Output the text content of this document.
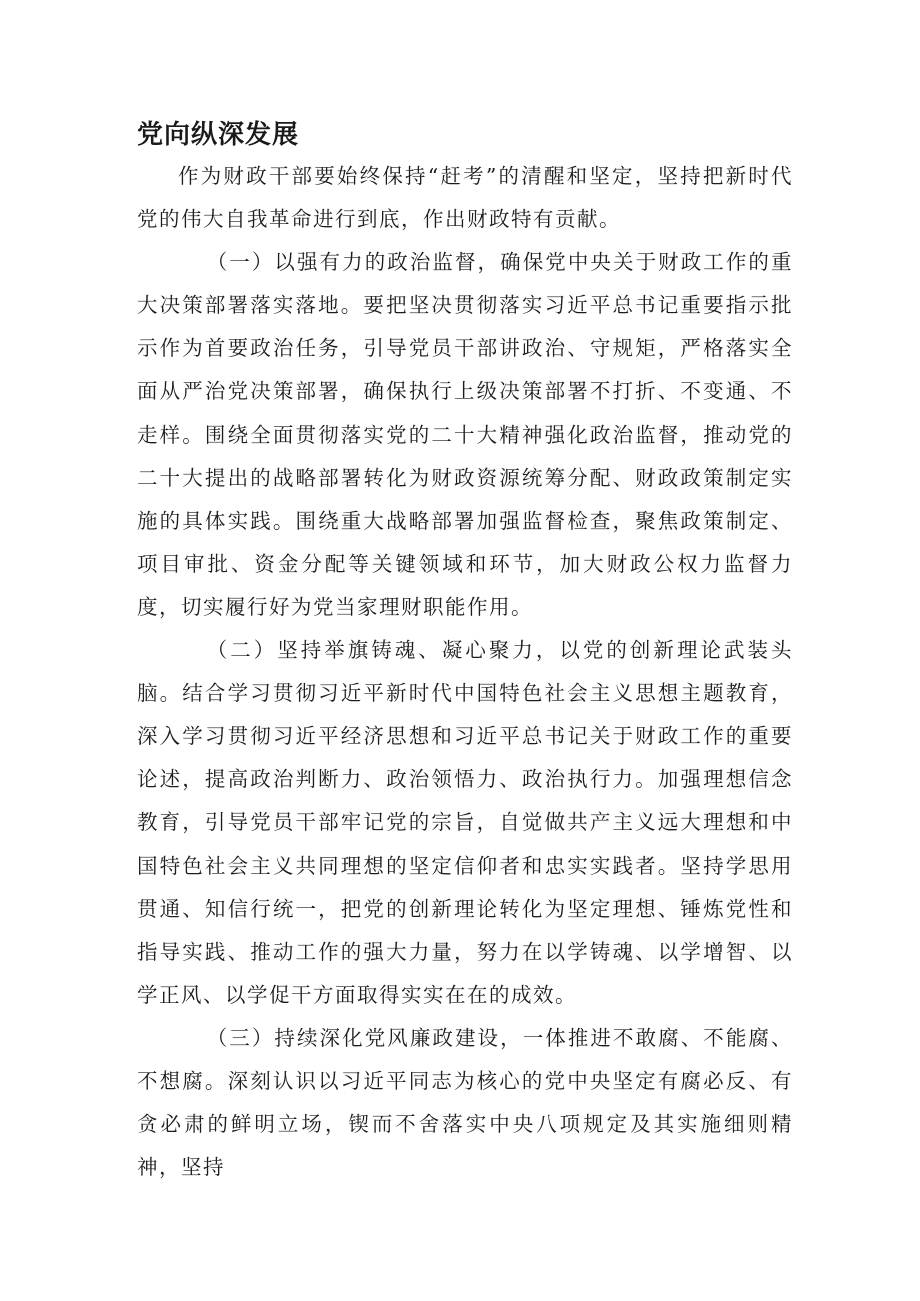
党向纵深发展

作为财政干部要始终保持“赶考”的清醒和坚定，坚持把新时代党的伟大自我革命进行到底，作出财政特有贡献。

（一）以强有力的政治监督，确保党中央关于财政工作的重大决策部署落实落地。要把坚决贯彻落实习近平总书记重要指示批示作为首要政治任务，引导党员干部讲政治、守规矩，严格落实全面从严治党决策部署，确保执行上级决策部署不打折、不变通、不走样。围绕全面贯彻落实党的二十大精神强化政治监督，推动党的二十大提出的战略部署转化为财政资源统筹分配、财政政策制定实施的具体实践。围绕重大战略部署加强监督检查，聚焦政策制定、项目审批、资金分配等关键领域和环节，加大财政公权力监督力度，切实履行好为党当家理财职能作用。

（二）坚持举旗铸魂、凝心聚力，以党的创新理论武装头脑。结合学习贯彻习近平新时代中国特色社会主义思想主题教育，深入学习贯彻习近平经济思想和习近平总书记关于财政工作的重要论述，提高政治判断力、政治领悟力、政治执行力。加强理想信念教育，引导党员干部牢记党的宗旨，自觉做共产主义远大理想和中国特色社会主义共同理想的坚定信仰者和忠实实践者。坚持学思用贯通、知信行统一，把党的创新理论转化为坚定理想、锤炼党性和指导实践、推动工作的强大力量，努力在以学铸魂、以学增智、以学正风、以学促干方面取得实实在在的成效。

（三）持续深化党风廉政建设，一体推进不敢腐、不能腐、不想腐。深刻认识以习近平同志为核心的党中央坚定有腐必反、有贪必肃的鲜明立场，锲而不舍落实中央八项规定及其实施细则精神，坚持
